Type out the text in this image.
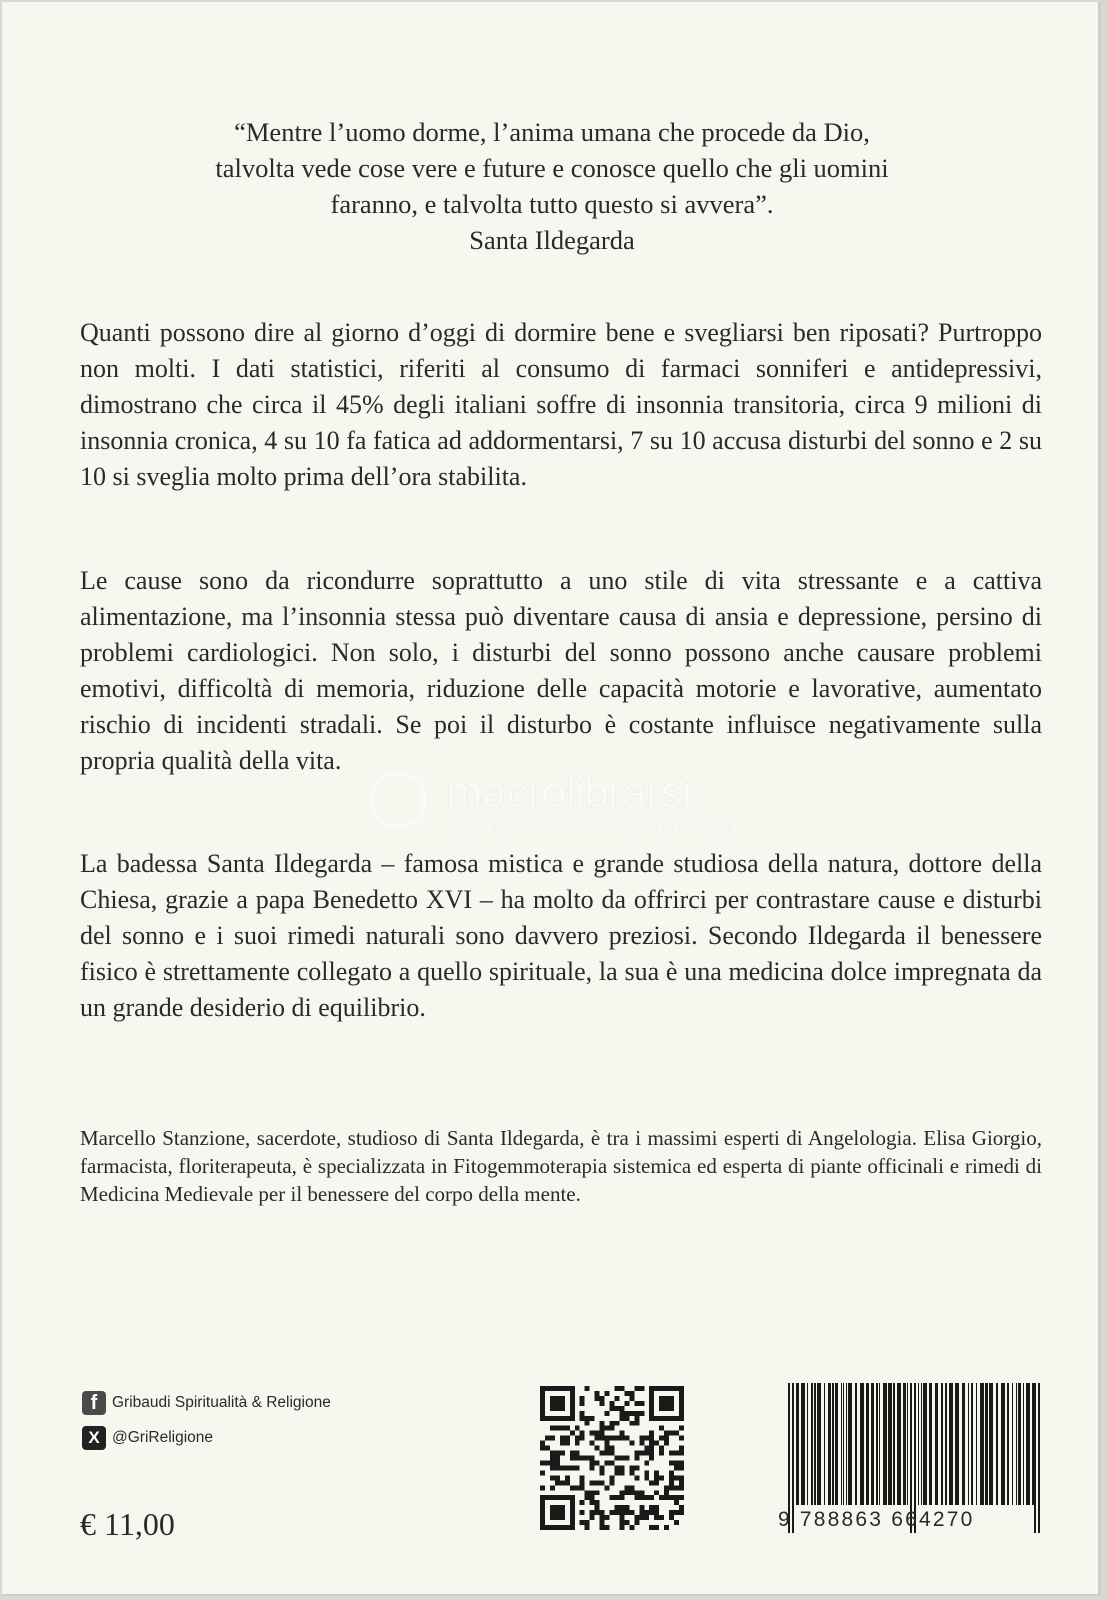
“Mentre l’uomo dorme, l’anima umana che procede da Dio,
talvolta vede cose vere e future e conosce quello che gli uomini
faranno, e talvolta tutto questo si avvera”.

Santa Ildegarda

Quanti possono dire al giorno d’oggi di dormire bene e svegliarsi ben riposati? Purtroppo non molti. I dati statistici, riferiti al consumo di farmaci sonniferi e antidepressivi, dimostrano che circa il 45% degli italiani soffre di insonnia transitoria, circa 9 milioni di insonnia cronica, 4 su 10 fa fatica ad addormentarsi, 7 su 10 accusa disturbi del sonno e 2 su 10 si sveglia molto prima dell’ora stabilita.

Le cause sono da ricondurre soprattutto a uno stile di vita stressante e a cattiva alimentazione, ma l’insonnia stessa può diventare causa di ansia e depressione, persino di problemi cardiologici. Non solo, i disturbi del sonno possono anche causare problemi emotivi, difficoltà di memoria, riduzione delle capacità motorie e lavorative, aumentato rischio di incidenti stradali. Se poi il disturbo è costante influisce negativamente sulla propria qualità della vita.

La badessa Santa Ildegarda – famosa mistica e grande studiosa della natura, dottore della Chiesa, grazie a papa Benedetto XVI – ha molto da offrirci per contrastare cause e disturbi del sonno e i suoi rimedi naturali sono davvero preziosi. Secondo Ildegarda il benessere fisico è strettamente collegato a quello spirituale, la sua è una medicina dolce impregnata da un grande desiderio di equilibrio.

macrolibrarsi
ALTERNATIVA NATURALE

Marcello Stanzione, sacerdote, studioso di Santa Ildegarda, è tra i massimi esperti di Angelologia. Elisa Giorgio, farmacista, floriterapeuta, è specializzata in Fitogemmoterapia sistemica ed esperta di piante officinali e rimedi di Medicina Medievale per il benessere del corpo della mente.

f Gribaudi Spiritualità & Religione
X @GriReligione
€ 11,00	9 788863 664270
